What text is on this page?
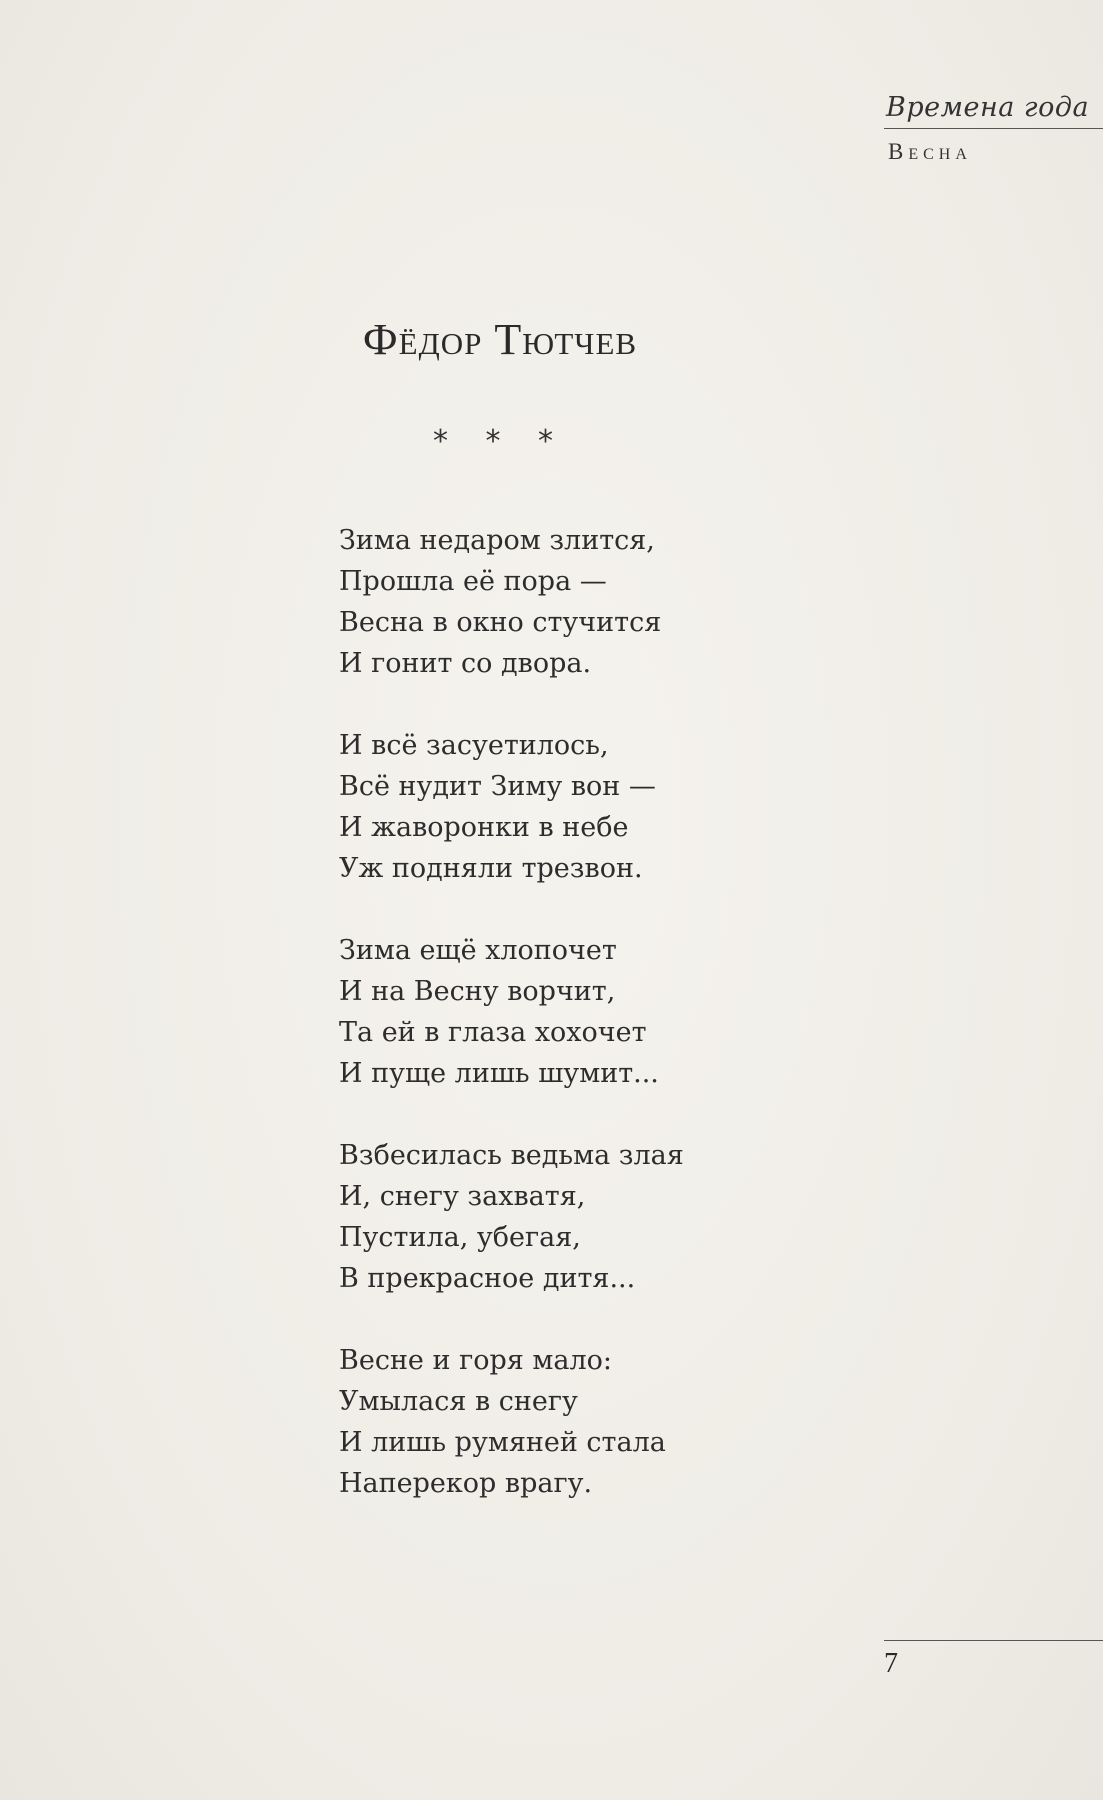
Времена года
Весна
Фёдор Тютчев
* * *
Зима недаром злится,
Прошла её пора —
Весна в окно стучится
И гонит со двора.
И всё засуетилось,
Всё нудит Зиму вон —
И жаворонки в небе
Уж подняли трезвон.
Зима ещё хлопочет
И на Весну ворчит,
Та ей в глаза хохочет
И пуще лишь шумит...
Взбесилась ведьма злая
И, снегу захватя,
Пустила, убегая,
В прекрасное дитя...
Весне и горя мало:
Умылася в снегу
И лишь румяней стала
Наперекор врагу.
7
